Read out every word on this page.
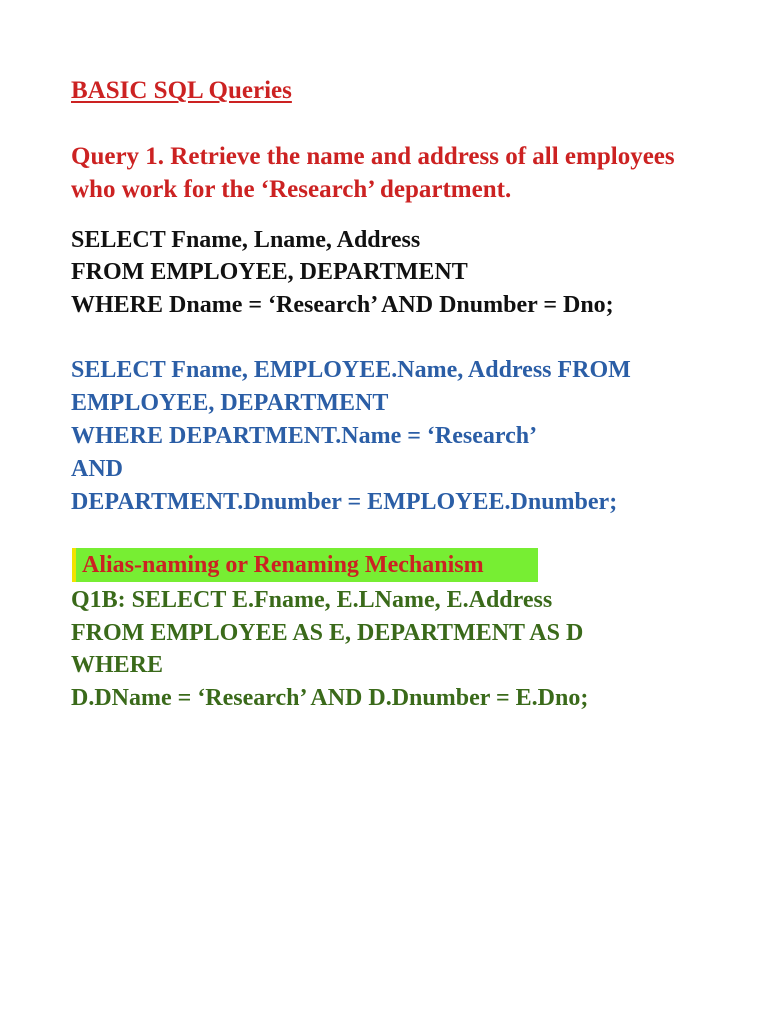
BASIC SQL Queries

Query 1. Retrieve the name and address of all employees

who work for the ‘Research’ department.

SELECT Fname, Lname, Address

FROM EMPLOYEE, DEPARTMENT

WHERE Dname = ‘Research’ AND Dnumber = Dno;

SELECT Fname, EMPLOYEE.Name, Address FROM

EMPLOYEE, DEPARTMENT

WHERE DEPARTMENT.Name = ‘Research’

AND

DEPARTMENT.Dnumber = EMPLOYEE.Dnumber;

Alias-naming or Renaming Mechanism

Q1B: SELECT E.Fname, E.LName, E.Address

FROM EMPLOYEE AS E, DEPARTMENT AS D

WHERE

D.DName = ‘Research’ AND D.Dnumber = E.Dno;
